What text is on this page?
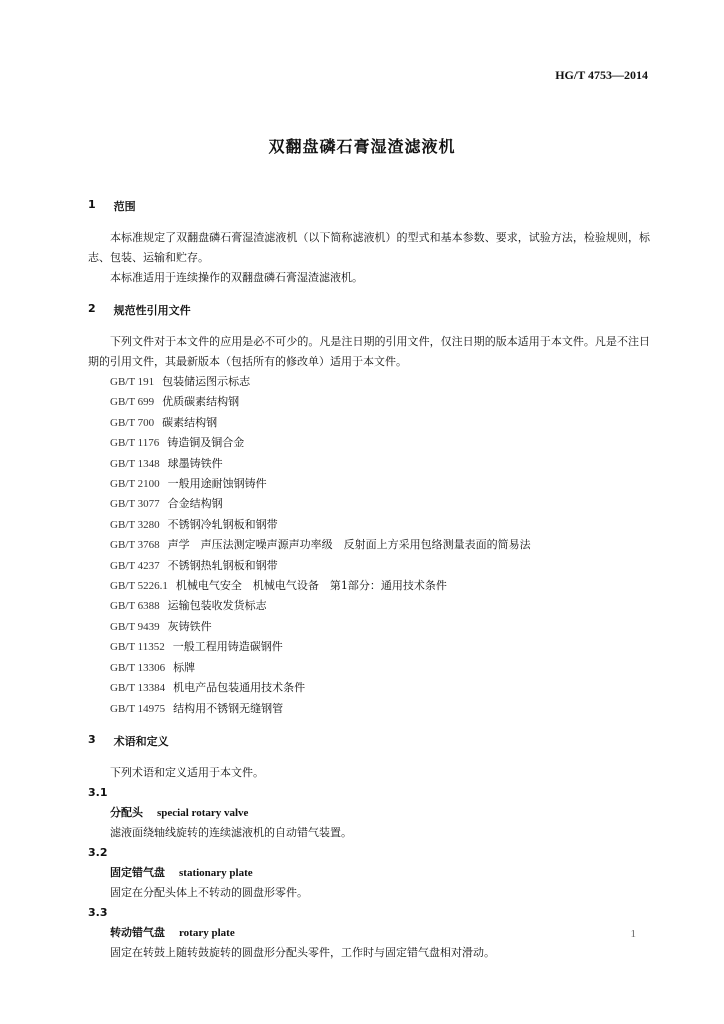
HG/T 4753—2014
双翻盘磷石膏湿渣滤液机
1 范围

本标准规定了双翻盘磷石膏湿渣滤液机（以下简称滤液机）的型式和基本参数、要求，试验方法，检验规则，标志、包装、运输和贮存。

本标准适用于连续操作的双翻盘磷石膏湿渣滤液机。

2 规范性引用文件

下列文件对于本文件的应用是必不可少的。凡是注日期的引用文件，仅注日期的版本适用于本文件。凡是不注日期的引用文件，其最新版本（包括所有的修改单）适用于本文件。

GB/T 191 包装储运图示标志
GB/T 699 优质碳素结构钢
GB/T 700 碳素结构钢
GB/T 1176 铸造铜及铜合金
GB/T 1348 球墨铸铁件
GB/T 2100 一般用途耐蚀钢铸件
GB/T 3077 合金结构钢
GB/T 3280 不锈钢冷轧钢板和钢带
GB/T 3768 声学　声压法测定噪声源声功率级　反射面上方采用包络测量表面的简易法
GB/T 4237 不锈钢热轧钢板和钢带
GB/T 5226.1 机械电气安全　机械电气设备　第1部分：通用技术条件
GB/T 6388 运输包装收发货标志
GB/T 9439 灰铸铁件
GB/T 11352 一般工程用铸造碳钢件
GB/T 13306 标牌
GB/T 13384 机电产品包装通用技术条件
GB/T 14975 结构用不锈钢无缝钢管
3 术语和定义

下列术语和定义适用于本文件。

3.1

分配头 special rotary valve

滤液面绕轴线旋转的连续滤液机的自动错气装置。

3.2

固定错气盘 stationary plate

固定在分配头体上不转动的圆盘形零件。

3.3

转动错气盘 rotary plate

固定在转鼓上随转鼓旋转的圆盘形分配头零件，工作时与固定错气盘相对滑动。

1
